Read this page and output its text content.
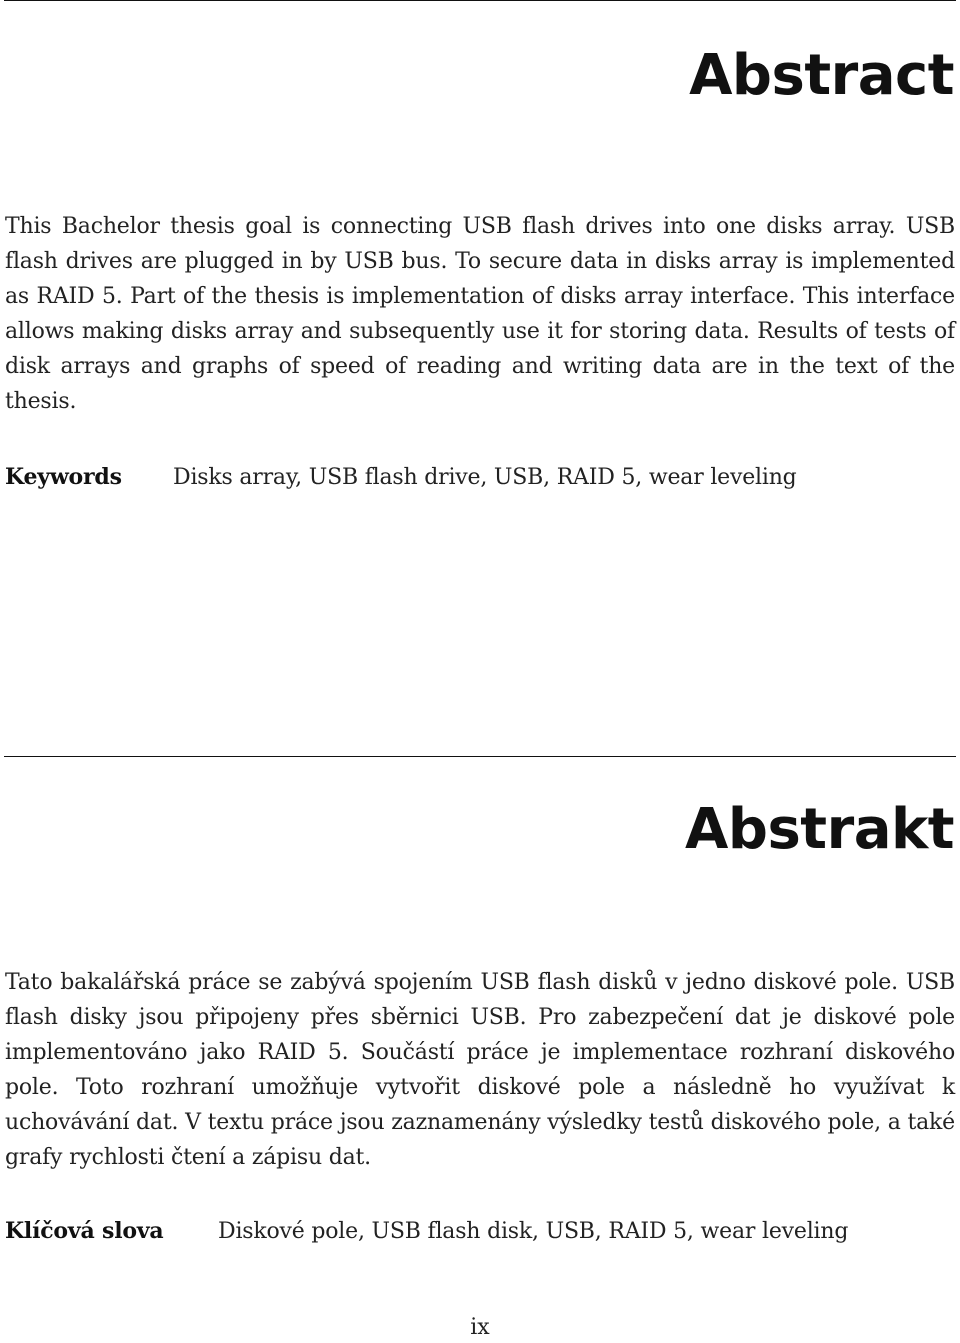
Abstract

This Bachelor thesis goal is connecting USB flash drives into one disks array. USB flash drives are plugged in by USB bus. To secure data in disks array is implemented as RAID 5. Part of the thesis is implementation of disks array interface. This interface allows making disks array and subsequently use it for storing data. Results of tests of disk arrays and graphs of speed of reading and writing data are in the text of the thesis.

Keywords Disks array, USB flash drive, USB, RAID 5, wear leveling
Abstrakt

Tato bakalářská práce se zabývá spojením USB flash disků v jedno diskové pole. USB flash disky jsou připojeny přes sběrnici USB. Pro zabezpečení dat je diskové pole implementováno jako RAID 5. Součástí práce je implementace rozhraní diskového pole. Toto rozhraní umožňuje vytvořit diskové pole a následně ho využívat k uchovávání dat. V textu práce jsou zaznamenány výsledky testů diskového pole, a také grafy rychlosti čtení a zápisu dat.

Klíčová slova Diskové pole, USB flash disk, USB, RAID 5, wear leveling
ix
